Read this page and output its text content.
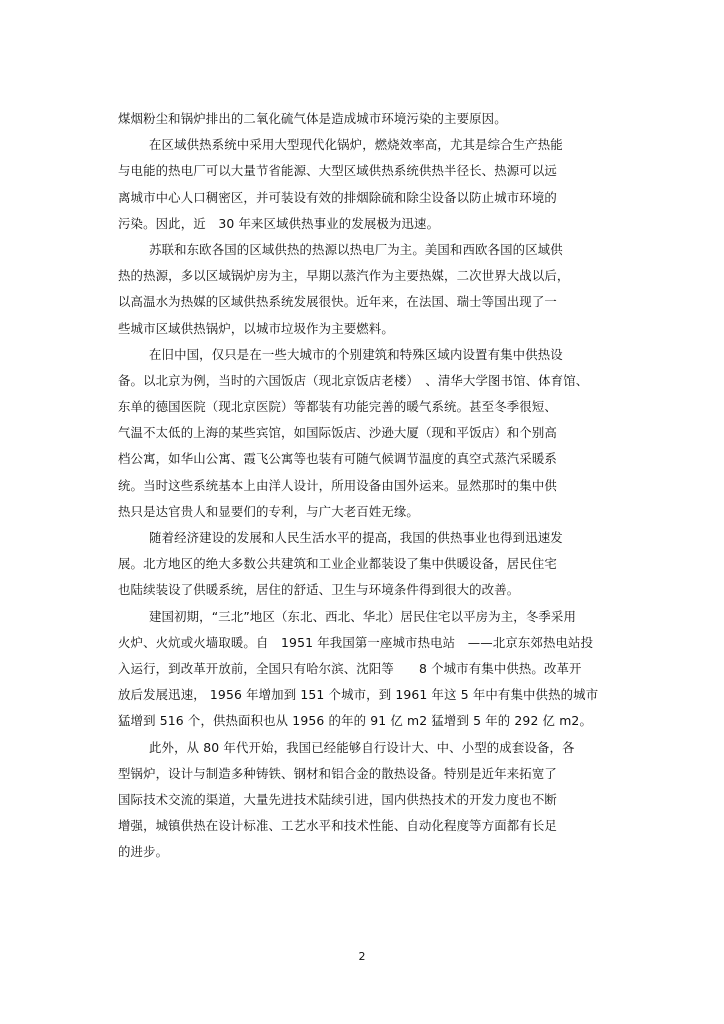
煤烟粉尘和锅炉排出的二氧化硫气体是造成城市环境污染的主要原因。
在区域供热系统中采用大型现代化锅炉，燃烧效率高，尤其是综合生产热能
与电能的热电厂可以大量节省能源、大型区域供热系统供热半径长、热源可以远
离城市中心人口稠密区，并可装设有效的排烟除硫和除尘设备以防止城市环境的
污染。因此，近　30 年来区域供热事业的发展极为迅速。
苏联和东欧各国的区域供热的热源以热电厂为主。美国和西欧各国的区域供
热的热源，多以区域锅炉房为主，早期以蒸汽作为主要热媒，二次世界大战以后，
以高温水为热媒的区域供热系统发展很快。近年来，在法国、瑞士等国出现了一
些城市区域供热锅炉，以城市垃圾作为主要燃料。
在旧中国，仅只是在一些大城市的个别建筑和特殊区域内设置有集中供热设
备。以北京为例，当时的六国饭店（现北京饭店老楼）　、清华大学图书馆、体育馆、
东单的德国医院（现北京医院）等都装有功能完善的暖气系统。甚至冬季很短、
气温不太低的上海的某些宾馆，如国际饭店、沙逊大厦（现和平饭店）和个别高
档公寓，如华山公寓、霞飞公寓等也装有可随气候调节温度的真空式蒸汽采暖系
统。当时这些系统基本上由洋人设计，所用设备由国外运来。显然那时的集中供
热只是达官贵人和显要们的专利，与广大老百姓无缘。
随着经济建设的发展和人民生活水平的提高，我国的供热事业也得到迅速发
展。北方地区的绝大多数公共建筑和工业企业都装设了集中供暖设备，居民住宅
也陆续装设了供暖系统，居住的舒适、卫生与环境条件得到很大的改善。
建国初期，“三北”地区（东北、西北、华北）居民住宅以平房为主，冬季采用
火炉、火炕或火墙取暖。自　1951 年我国第一座城市热电站　——北京东郊热电站投
入运行，到改革开放前，全国只有哈尔滨、沈阳等　　8 个城市有集中供热。改革开
放后发展迅速， 1956 年增加到 151 个城市，到 1961 年这 5 年中有集中供热的城市
猛增到 516 个，供热面积也从 1956 的年的 91 亿 m2 猛增到 5 年的 292 亿 m2。
此外，从 80 年代开始，我国已经能够自行设计大、中、小型的成套设备，各
型锅炉，设计与制造多种铸铁、钢材和铝合金的散热设备。特别是近年来拓宽了
国际技术交流的渠道，大量先进技术陆续引进，国内供热技术的开发力度也不断
增强，城镇供热在设计标准、工艺水平和技术性能、自动化程度等方面都有长足
的进步。
2
